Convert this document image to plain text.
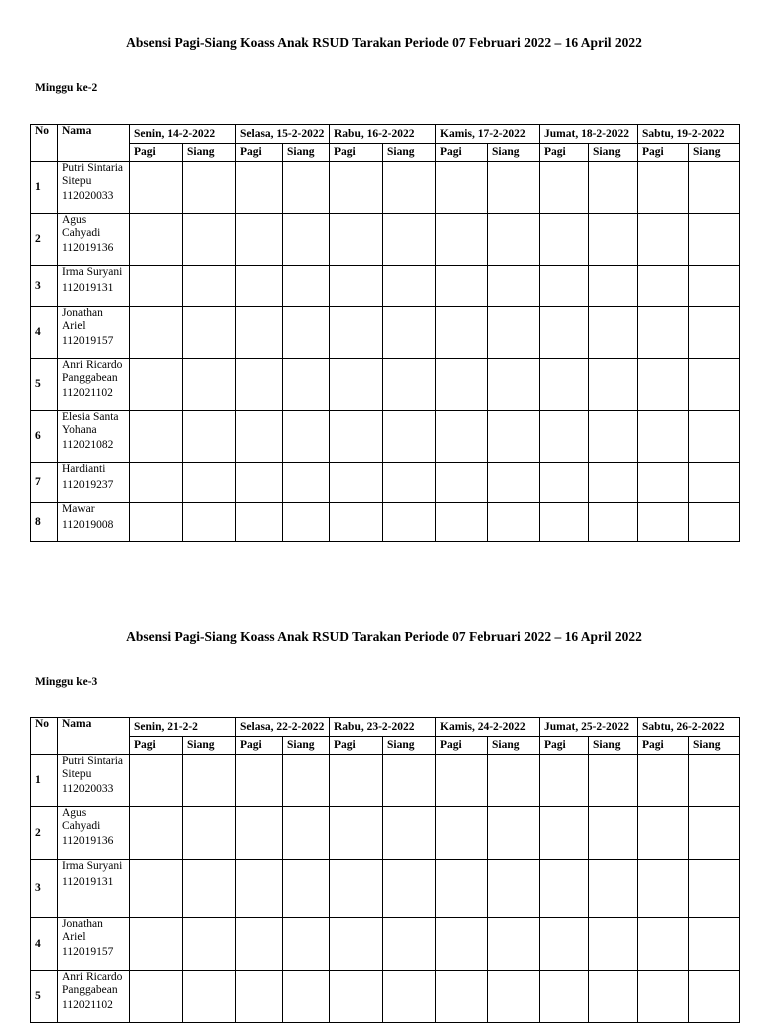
Absensi Pagi-Siang Koass Anak RSUD Tarakan Periode 07 Februari 2022 – 16 April 2022
Minggu ke-2
No	Nama	Senin, 14-2-2022		Selasa, 15-2-2022		Rabu, 16-2-2022		Kamis, 17-2-2022		Jumat, 18-2-2022		Sabtu, 19-2-2022	
		Pagi	Siang	Pagi	Siang	Pagi	Siang	Pagi	Siang	Pagi	Siang	Pagi	Siang
1	Putri Sintaria Sitepu
112020033												

2	Agus Cahyadi
112019136												

3	Irma Suryani
112019131												

4	Jonathan Ariel
112019157												

5	Anri Ricardo Panggabean
112021102												

6	Elesia Santa Yohana
112021082												

7	Hardianti
112019237												

8	Mawar
112019008												

Absensi Pagi-Siang Koass Anak RSUD Tarakan Periode 07 Februari 2022 – 16 April 2022
Minggu ke-3
No	Nama	Senin, 21-2-2		Selasa, 22-2-2022		Rabu, 23-2-2022		Kamis, 24-2-2022		Jumat, 25-2-2022		Sabtu, 26-2-2022	
		Pagi	Siang	Pagi	Siang	Pagi	Siang	Pagi	Siang	Pagi	Siang	Pagi	Siang
1	Putri Sintaria Sitepu
112020033												

2	Agus Cahyadi
112019136												

3	Irma Suryani
112019131												

4	Jonathan Ariel
112019157												

5	Anri Ricardo Panggabean
112021102												
